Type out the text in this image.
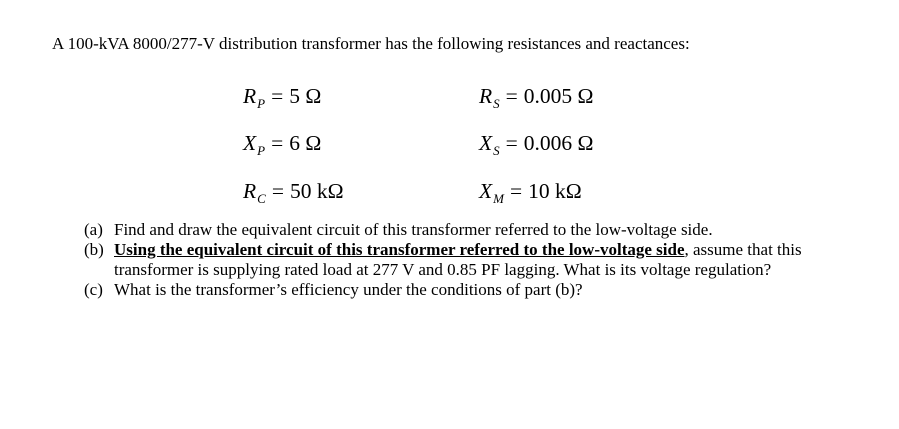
A 100-kVA 8000/277-V distribution transformer has the following resistances and reactances:
$R_P = 5$ Ω	$R_S = 0.005$ Ω
$X_P = 6$ Ω	$X_S = 0.006$ Ω
$R_C = 50$ kΩ	$X_M = 10$ kΩ
(a) Find and draw the equivalent circuit of this transformer referred to the low-voltage side.
(b) Using the equivalent circuit of this transformer referred to the low-voltage side, assume that this transformer is supplying rated load at 277 V and 0.85 PF lagging. What is its voltage regulation?
(c) What is the transformer’s efficiency under the conditions of part (b)?
